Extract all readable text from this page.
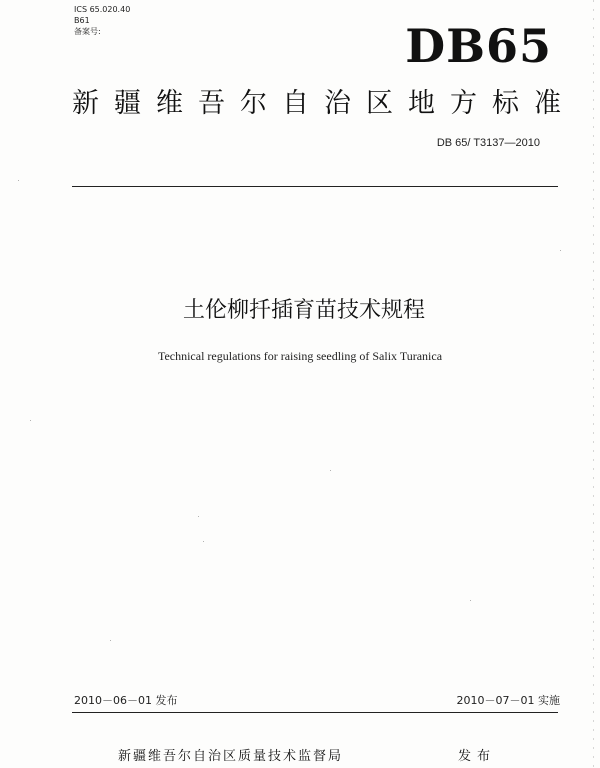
ICS 65.020.40
B61
备案号:	DB65
新疆维吾尔自治区地方标准
DB 65/ T3137—2010
土伦柳扦插育苗技术规程
Technical regulations for raising seedling of Salix Turanica
2010－06－01 发布	2010－07－01 实施
新疆维吾尔自治区质量技术监督局	发布
